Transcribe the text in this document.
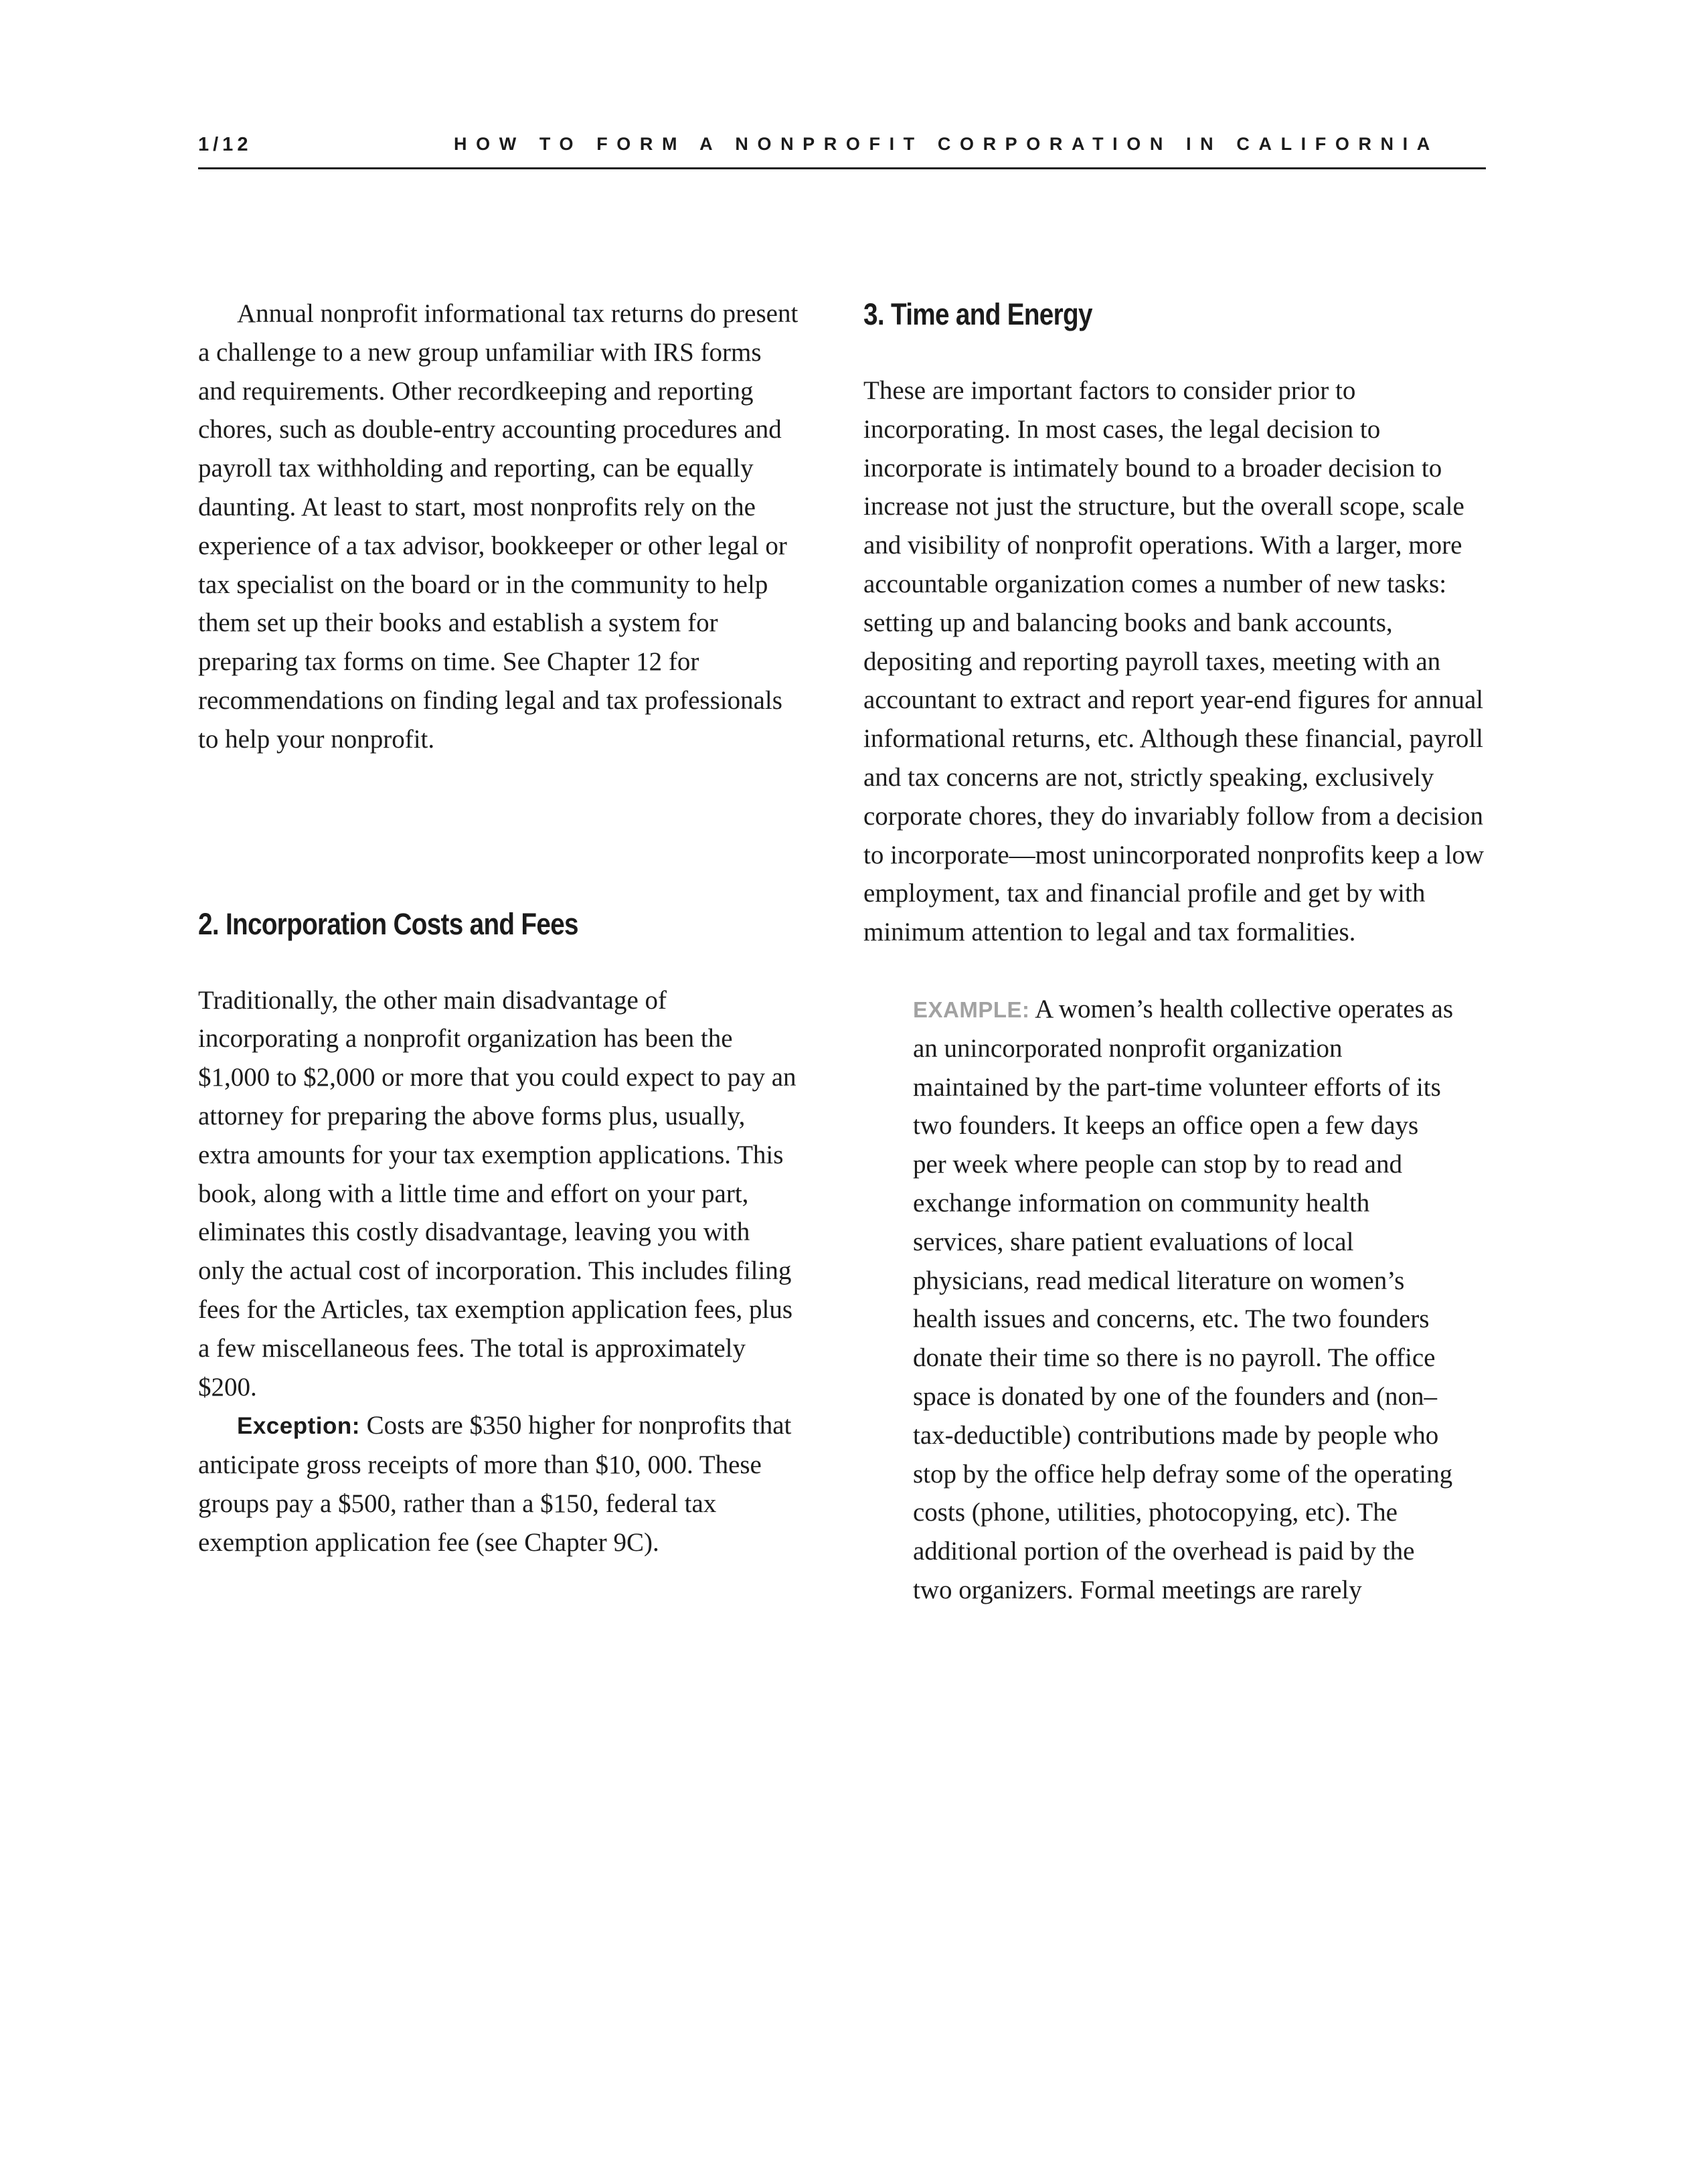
1/12	HOW TO FORM A NONPROFIT CORPORATION IN CALIFORNIA

Annual nonprofit informational tax returns do present a challenge to a new group unfamiliar with IRS forms and requirements. Other recordkeeping and reporting chores, such as double-entry accounting procedures and payroll tax withholding and reporting, can be equally daunting. At least to start, most nonprofits rely on the experience of a tax advisor, bookkeeper or other legal or tax specialist on the board or in the community to help them set up their books and establish a system for preparing tax forms on time. See Chapter 12 for recommendations on finding legal and tax professionals to help your nonprofit.

2. Incorporation Costs and Fees

Traditionally, the other main disadvantage of incorporating a nonprofit organization has been the $1,000 to $2,000 or more that you could expect to pay an attorney for preparing the above forms plus, usually, extra amounts for your tax exemption applications. This book, along with a little time and effort on your part, eliminates this costly disadvantage, leaving you with only the actual cost of incorporation. This includes filing fees for the Articles, tax exemption application fees, plus a few miscellaneous fees. The total is approximately $200.

Exception: Costs are $350 higher for nonprofits that anticipate gross receipts of more than $10, 000. These groups pay a $500, rather than a $150, federal tax exemption application fee (see Chapter 9C).

3. Time and Energy

These are important factors to consider prior to incorporating. In most cases, the legal decision to incorporate is intimately bound to a broader decision to increase not just the structure, but the overall scope, scale and visibility of nonprofit operations. With a larger, more accountable organization comes a number of new tasks: setting up and balancing books and bank accounts, depositing and reporting payroll taxes, meeting with an accountant to extract and report year-end figures for annual informational returns, etc. Although these financial, payroll and tax concerns are not, strictly speaking, exclusively corporate chores, they do invariably follow from a decision to incorporate—most unincorporated nonprofits keep a low employment, tax and financial profile and get by with minimum attention to legal and tax formalities.

EXAMPLE: A women’s health collective operates as an unincorporated nonprofit organization maintained by the part-time volunteer efforts of its two founders. It keeps an office open a few days per week where people can stop by to read and exchange information on community health services, share patient evaluations of local physicians, read medical literature on women’s health issues and concerns, etc. The two founders donate their time so there is no payroll. The office space is donated by one of the founders and (non–tax-deductible) contributions made by people who stop by the office help defray some of the operating costs (phone, utilities, photocopying, etc). The additional portion of the overhead is paid by the two organizers. Formal meetings are rarely
